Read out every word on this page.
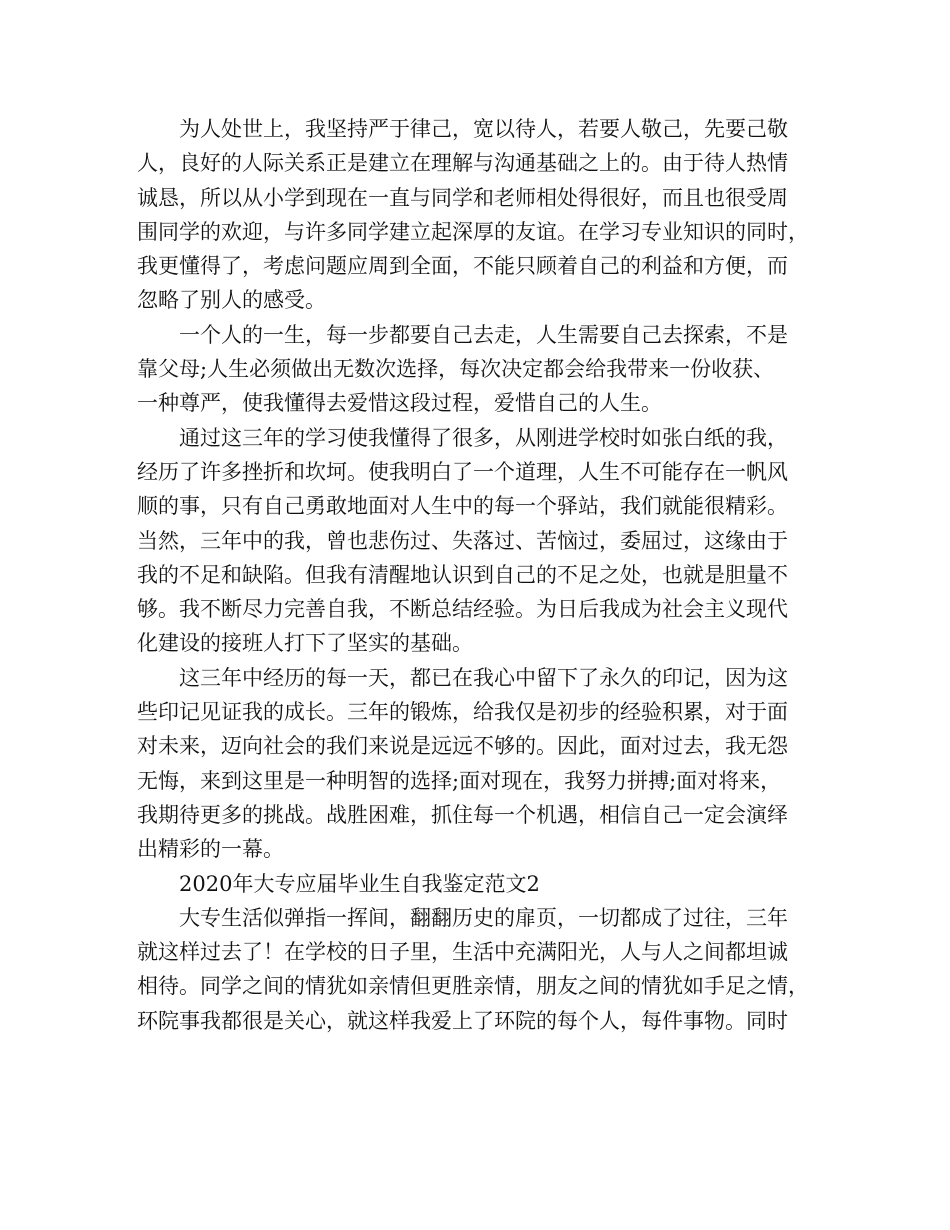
为人处世上，我坚持严于律己，宽以待人，若要人敬己，先要己敬
人，良好的人际关系正是建立在理解与沟通基础之上的。由于待人热情
诚恳，所以从小学到现在一直与同学和老师相处得很好，而且也很受周
围同学的欢迎，与许多同学建立起深厚的友谊。在学习专业知识的同时，
我更懂得了，考虑问题应周到全面，不能只顾着自己的利益和方便，而
忽略了别人的感受。

一个人的一生，每一步都要自己去走，人生需要自己去探索，不是
靠父母;人生必须做出无数次选择，每次决定都会给我带来一份收获、
一种尊严，使我懂得去爱惜这段过程，爱惜自己的人生。

通过这三年的学习使我懂得了很多，从刚进学校时如张白纸的我，
经历了许多挫折和坎坷。使我明白了一个道理，人生不可能存在一帆风
顺的事，只有自己勇敢地面对人生中的每一个驿站，我们就能很精彩。
当然，三年中的我，曾也悲伤过、失落过、苦恼过，委屈过，这缘由于
我的不足和缺陷。但我有清醒地认识到自己的不足之处，也就是胆量不
够。我不断尽力完善自我，不断总结经验。为日后我成为社会主义现代
化建设的接班人打下了坚实的基础。

这三年中经历的每一天，都已在我心中留下了永久的印记，因为这
些印记见证我的成长。三年的锻炼，给我仅是初步的经验积累，对于面
对未来，迈向社会的我们来说是远远不够的。因此，面对过去，我无怨
无悔，来到这里是一种明智的选择;面对现在，我努力拼搏;面对将来，
我期待更多的挑战。战胜困难，抓住每一个机遇，相信自己一定会演绎
出精彩的一幕。

2020年大专应届毕业生自我鉴定范文2

大专生活似弹指一挥间，翻翻历史的扉页，一切都成了过往，三年
就这样过去了！在学校的日子里，生活中充满阳光，人与人之间都坦诚
相待。同学之间的情犹如亲情但更胜亲情，朋友之间的情犹如手足之情，
环院事我都很是关心，就这样我爱上了环院的每个人，每件事物。同时
